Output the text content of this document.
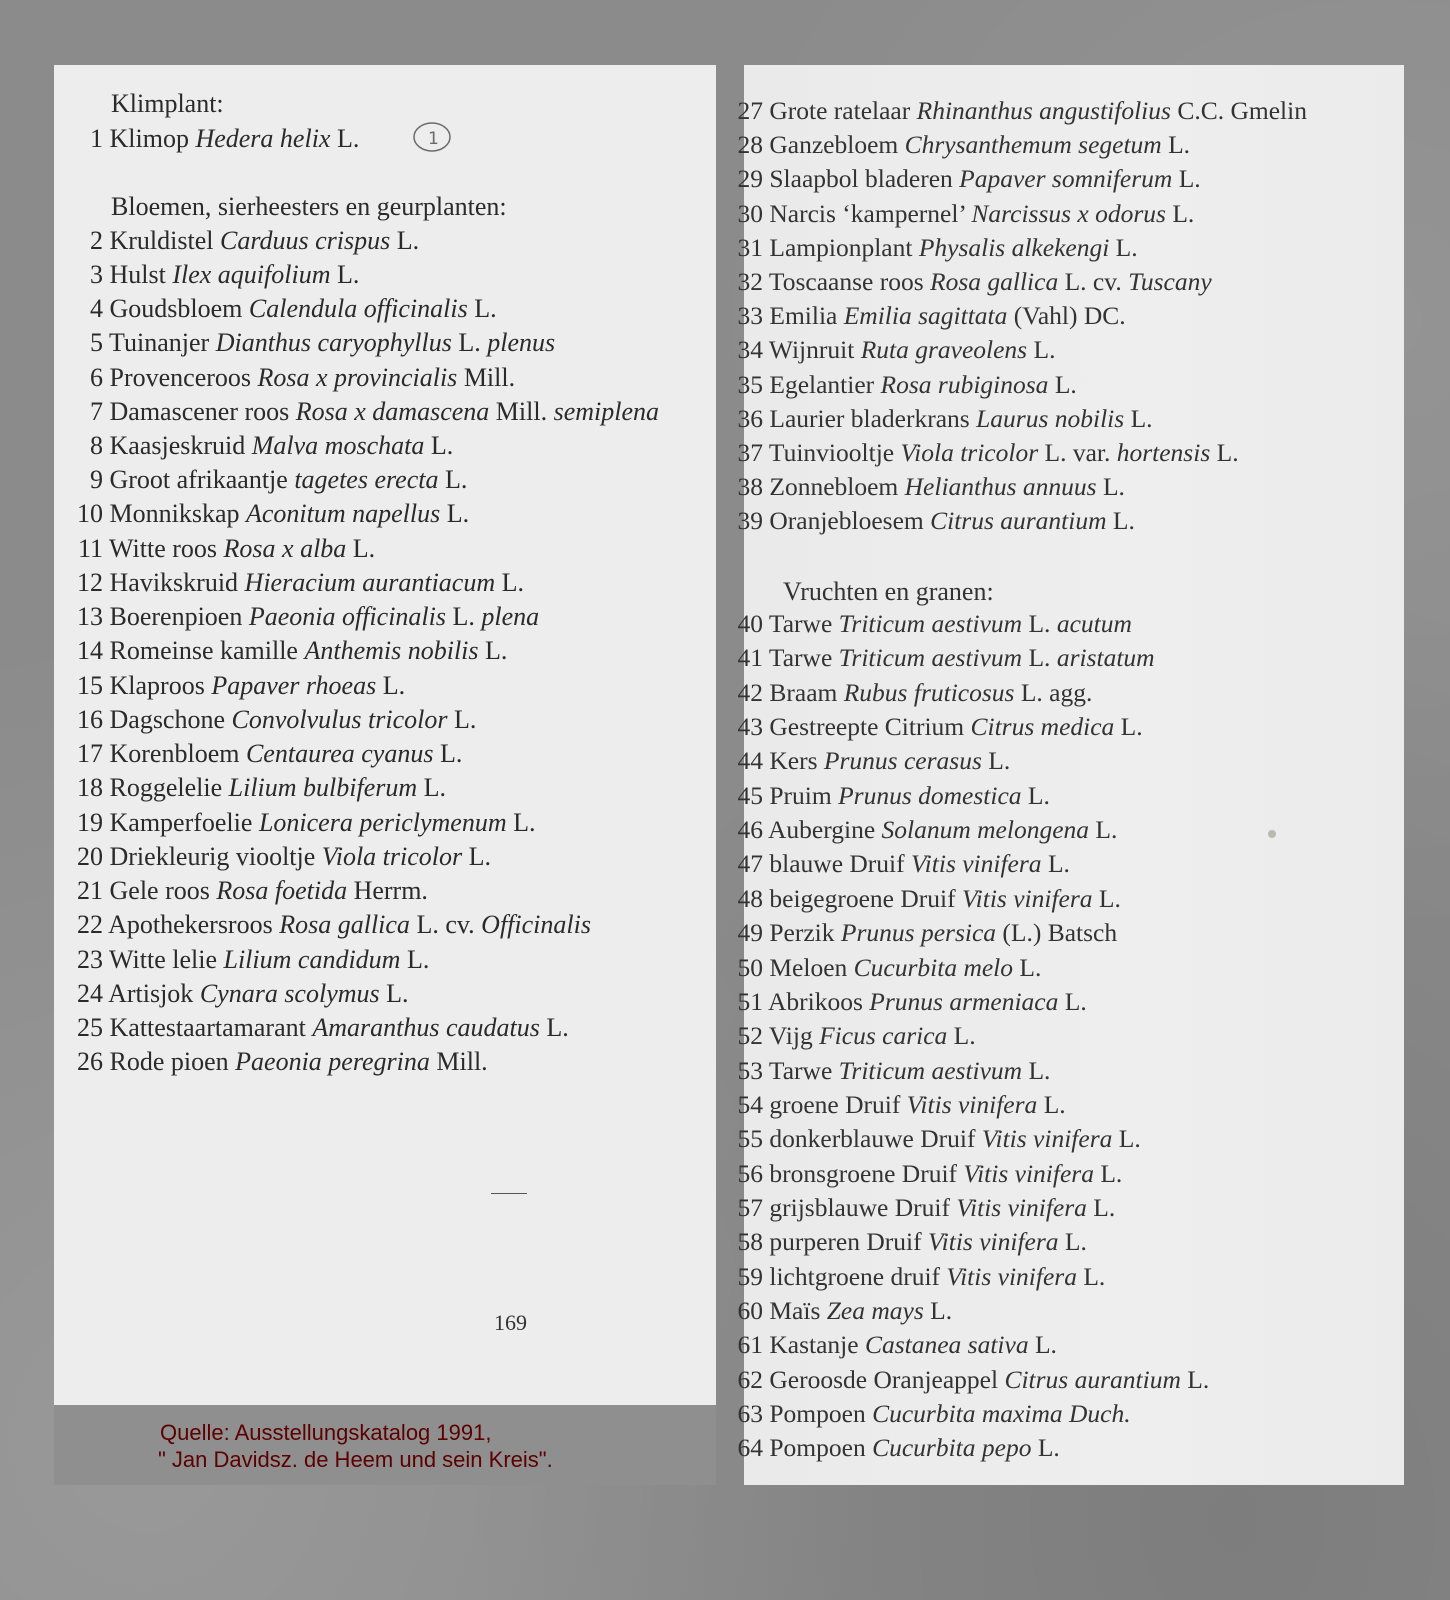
Klimplant:
Bloemen, sierheesters en geurplanten:
1
1 Klimop Hedera helix L.
2 Kruldistel Carduus crispus L.
3 Hulst Ilex aquifolium L.
4 Goudsbloem Calendula officinalis L.
5 Tuinanjer Dianthus caryophyllus L. plenus
6 Provenceroos Rosa x provincialis Mill.
7 Damascener roos Rosa x damascena Mill. semiplena
8 Kaasjeskruid Malva moschata L.
9 Groot afrikaantje tagetes erecta L.
10 Monnikskap Aconitum napellus L.
11 Witte roos Rosa x alba L.
12 Havikskruid Hieracium aurantiacum L.
13 Boerenpioen Paeonia officinalis L. plena
14 Romeinse kamille Anthemis nobilis L.
15 Klaproos Papaver rhoeas L.
16 Dagschone Convolvulus tricolor L.
17 Korenbloem Centaurea cyanus L.
18 Roggelelie Lilium bulbiferum L.
19 Kamperfoelie Lonicera periclymenum L.
20 Driekleurig viooltje Viola tricolor L.
21 Gele roos Rosa foetida Herrm.
22 Apothekersroos Rosa gallica L. cv. Officinalis
23 Witte lelie Lilium candidum L.
24 Artisjok Cynara scolymus L.
25 Kattestaartamarant Amaranthus caudatus L.
26 Rode pioen Paeonia peregrina Mill.
169
Vruchten en granen:
27 Grote ratelaar Rhinanthus angustifolius C.C. Gmelin
28 Ganzebloem Chrysanthemum segetum L.
29 Slaapbol bladeren Papaver somniferum L.
30 Narcis ‘kampernel’ Narcissus x odorus L.
31 Lampionplant Physalis alkekengi L.
32 Toscaanse roos Rosa gallica L. cv. Tuscany
33 Emilia Emilia sagittata (Vahl) DC.
34 Wijnruit Ruta graveolens L.
35 Egelantier Rosa rubiginosa L.
36 Laurier bladerkrans Laurus nobilis L.
37 Tuinviooltje Viola tricolor L. var. hortensis L.
38 Zonnebloem Helianthus annuus L.
39 Oranjebloesem Citrus aurantium L.
40 Tarwe Triticum aestivum L. acutum
41 Tarwe Triticum aestivum L. aristatum
42 Braam Rubus fruticosus L. agg.
43 Gestreepte Citrium Citrus medica L.
44 Kers Prunus cerasus L.
45 Pruim Prunus domestica L.
46 Aubergine Solanum melongena L.
47 blauwe Druif Vitis vinifera L.
48 beigegroene Druif Vitis vinifera L.
49 Perzik Prunus persica (L.) Batsch
50 Meloen Cucurbita melo L.
51 Abrikoos Prunus armeniaca L.
52 Vijg Ficus carica L.
53 Tarwe Triticum aestivum L.
54 groene Druif Vitis vinifera L.
55 donkerblauwe Druif Vitis vinifera L.
56 bronsgroene Druif Vitis vinifera L.
57 grijsblauwe Druif Vitis vinifera L.
58 purperen Druif Vitis vinifera L.
59 lichtgroene druif Vitis vinifera L.
60 Maïs Zea mays L.
61 Kastanje Castanea sativa L.
62 Geroosde Oranjeappel Citrus aurantium L.
63 Pompoen Cucurbita maxima Duch.
64 Pompoen Cucurbita pepo L.
Quelle: Ausstellungskatalog 1991,
" Jan Davidsz. de Heem und sein Kreis".
